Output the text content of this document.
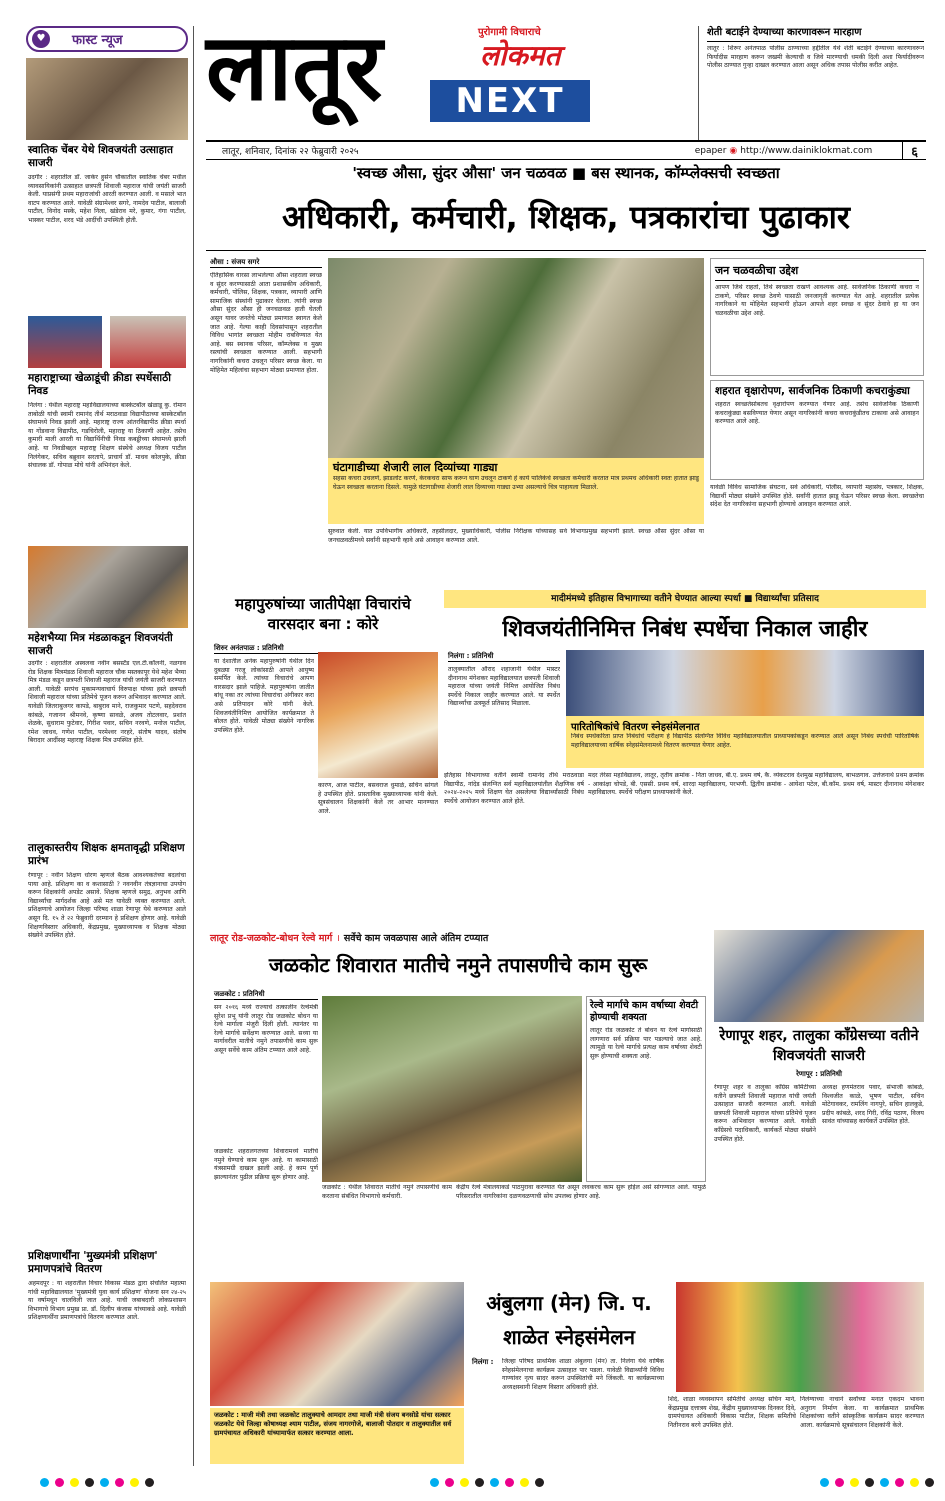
♥	फास्ट न्यूज
स्वातिक चेंबर येथे शिवजयंती उत्साहात साजरी
उदगीर : शहरातील डॉ. जाकेर हुसेन चौकातील स्वातिक चेंबर मधील व्यावसायिकांनी उत्साहात छत्रपती शिवाजी महाराज यांची जयंती साजरी केली. याप्रसंगी प्रथम महाराजांची आरती करण्यात आली. व मसाले भात वाटप करण्यात आले. यावेळी संग्रामेश्वर सगरे, नामदेव पाटील, बालाजी पाटील, विनोद मस्के, महेश निला, खंडेराव मरे, कुमार, गंगा पाटील, भास्कर पाटील, शरद भंडे आदींची उपस्थिती होती.
महाराष्ट्राच्या खेळाडूंची क्रीडा स्पर्धेसाठी निवड
निलंगा : येथील महाराष्ट्र महाविद्यालयाच्या बास्केटबॉल खेळाडू कु. रोमान ताबोळी यांची स्वामी रामानंद तीर्थ मराठवाडा विद्यापीठाच्या बास्केटबॉल संघामध्ये निवड झाली आहे. महाराष्ट्र राज्य आंतरविद्यापीठ क्रीडा स्पर्धा या गोंडवाना विद्यापीठ, गडचिरोली, महाराष्ट्र या ठिकाणी आहेत. तसेच कुमारी माली आरती या विद्यार्थिनीची निवड कबड्डीच्या संघामध्ये झाली आहे. या निवडीबद्दल महाराष्ट्र शिक्षण संस्थेचे अध्यक्ष विजय पाटील निलंगेकर, सचिव बब्रुवान सरतापे, प्राचार्य डॉ. माधव कोलपुके, क्रीडा संचालक डॉ. गोपाळ मोघे यांनी अभिनंदन केले.
महेशभैय्या मित्र मंडळाकडून शिवजयंती साजरी
उदगीर : शहरातील अस्वलवा नवीन बसस्टँड एल.टी.कॉलनी, नळगाव रोड शिक्षक मित्रमंडळ शिवाजी महाराज चौक मस्तकापूर येथे महेश भैय्या मित्र मंडळ कडून छत्रपती शिवाजी महाराज यांची जयंती साजरी करण्यात आली. यावेळी सरपंच मुकामन्यवाचार्य विरुपाक्ष यांच्या हस्ते छत्रपती शिवाजी महाराज यांच्या प्रतिमेचे पूजन करून अभिवादन करण्यात आले. यावेळी जितराबुजगर कापडे, बाबुराव माने, राजकुमार पटणे, सहदेवराव कांबळे, गजानन श्रीमनवे, कृष्णा सावळे, अजय तोटलवार, प्रशांत शेळके, सुधाराम फुटेवार, गिरीश पवार, सचिन नरवणे, मनोज पाटील, रमेश जाधव, गणेश पाटील, परमेश्वर नरहरे, संतोष यादव, संतोष बिरादार आदींसह महाराष्ट्र शिक्षक मित्र उपस्थित होते.
तालुकास्तरीय शिक्षक क्षमतावृद्धी प्रशिक्षण प्रारंभ
रेणापूर : नवीन शिक्षण धोरण म्हणजे बैठक आवश्यकतेच्या बदलांचा पाया आहे. प्रशिक्षण का व कशासाठी ? नवनवीन तंत्रज्ञानाचा उपयोग करून शिक्षकांनी अपडेट असावे. शिक्षक म्हणजे समुद्र, अनुभव आणि विद्यार्थ्यांचा मार्गदर्शक आहे असे मत यावेळी व्यक्त करण्यात आले. प्रशिक्षणाचे आयोजन जिल्हा परिषद शाळा रेणापूर येथे करण्यात आले असून दि. १५ ते २२ फेब्रुवारी दरम्यान हे प्रशिक्षण होणार आहे. यावेळी शिक्षणविस्तार अधिकारी, केंद्रप्रमुख, मुख्याध्यापक व शिक्षक मोठ्या संख्येने उपस्थित होते.
प्रशिक्षणार्थींना 'मुख्यमंत्री प्रशिक्षण' प्रमाणपत्रांचे वितरण
अहमदपूर : या शहरातील विचार विकास मंडळ द्वारा संचलित महात्मा गांधी महाविद्यालयात 'मुख्यमंत्री युवा कार्य प्रशिक्षण' योजना सन २४-२५ या वर्षामधून चालविली जात आहे. याची जबाबदारी लोकप्रशासन विभागाचे विभाग प्रमुख प्रा. डॉ. दिलीप कंजास यांच्याकडे आहे. यावेळी प्रशिक्षणार्थींना प्रमाणपत्रांचे वितरण करण्यात आले.
लातूर	NEXT
पुरोगामी विचाराचे
लोकमत
शेती बटाईने देण्याच्या कारणावरून मारहाण
लातूर : शिरूर अनंतपाळ पोलीस ठाण्याच्या हद्दीतील येथे शेती बटाईने देण्याच्या कारणावरून फिर्यादीस मारहाण करून जखमी केल्याची व जिवे मारण्याची धमकी दिली अशा फिर्यादीवरून पोलीस ठाण्यात गुन्हा दाखल करण्यात आला असून अधिक तपास पोलीस करीत आहेत.
लातूर, शनिवार, दिनांक २२ फेब्रुवारी २०२५	epaper ◉ http://www.dainiklokmat.com	६
'स्वच्छ औसा, सुंदर औसा' जन चळवळ ■ बस स्थानक, कॉम्प्लेक्सची स्वच्छता
अधिकारी, कर्मचारी, शिक्षक, पत्रकारांचा पुढाकार
औसा : संजय सगरे
ऐतिहासिक वारसा लाभलेल्या औसा शहराला स्वच्छ व सुंदर करण्यासाठी आता प्रशासकीय अधिकारी, कर्मचारी, पोलिस, शिक्षक, पत्रकार, व्यापारी आणि सामाजिक संस्थांनी पुढाकार घेतला. त्यांनी स्वच्छ औसा सुंदर औसा ही जनचळवळ हाती घेतली असून यावर जनतेचे मोठ्या प्रमाणात स्वागत केले जात आहे. गेल्या काही दिवसांपासून शहरातील विविध भागांत स्वच्छता मोहीम राबविण्यात येत आहे. बस स्थानक परिसर, कॉम्प्लेक्स व मुख्य रस्त्यांची स्वच्छता करण्यात आली. सहभागी नागरिकांनी कचरा उचलून परिसर स्वच्छ केला. या मोहिमेत महिलांचा सहभाग मोठ्या प्रमाणात होता.
घंटागाडीच्या शेजारी लाल दिव्यांच्या गाड्या
सहसा कचरा उचलणे, झाडलोट करणे, केरकचरा साफ करून घाण उचलून टाकणे हे कार्य पालिकेचे स्वच्छता कर्मचारी करतात मात्र प्रथमच अधिकारी स्वतः हातात झाडू घेऊन स्वच्छता करताना दिसले. यामुळे घंटागाडीच्या शेजारी लाल दिव्याच्या गाड्या उभ्या असल्याचे चित्र पाहायला मिळाले.
जन चळवळीचा उद्देश
आपण जिथे राहतो, तिथे स्वच्छता राखणे आवश्यक आहे. सार्वजनिक ठिकाणी कचरा न टाकणे, परिसर स्वच्छ ठेवणे यासाठी जनजागृती करण्यात येत आहे. शहरातील प्रत्येक नागरिकाने या मोहिमेत सहभागी होऊन आपले शहर स्वच्छ व सुंदर ठेवावे हा या जन चळवळीचा उद्देश आहे.
शहरात वृक्षारोपण, सार्वजनिक ठिकाणी कचराकुंड्या
शहरात स्वच्छतेसोबतच वृक्षारोपण करण्यात येणार आहे. तसेच सार्वजनिक ठिकाणी कचराकुंड्या बसविण्यात येणार असून नागरिकांनी कचरा कचराकुंडीतच टाकावा असे आवाहन करण्यात आले आहे.
यावेळी विविध सामाजिक संघटना, सर्व अधिकारी, पोलीस, व्यापारी महासंघ, पत्रकार, शिक्षक, विद्यार्थी मोठ्या संख्येने उपस्थित होते. सर्वांनी हातात झाडू घेऊन परिसर स्वच्छ केला. स्वच्छतेचा संदेश देत नागरिकांना सहभागी होण्याचे आवाहन करण्यात आले.
सुरुवात केली. यात उपविभागीय अधिकारी, तहसीलदार, मुख्याधिकारी, पोलीस निरीक्षक यांच्यासह सर्व विभागप्रमुख सहभागी झाले. स्वच्छ औसा सुंदर औसा या जनचळवळीमध्ये सर्वांनी सहभागी व्हावे असे आवाहन करण्यात आले.
महापुरुषांच्या जातीपेक्षा विचारांचे वारसदार बना : कोरे
शिरुर अनंतपाळ : प्रतिनिधी
या देशातील अनेक महापुरुषांनी येथील दिन दुबळ्या गरजू लोकांसाठी आपले आयुष्य समर्पित केले. त्यांच्या विचारांचे आपण वारसदार झाले पाहिजे. महापुरुषांना जातीत बांधू नका तर त्यांच्या विचारांचा अंगीकार करा असे प्रतिपादन कोरे यांनी केले. शिवजयंतीनिमित्त आयोजित कार्यक्रमात ते बोलत होते. यावेळी मोठ्या संख्येने नागरिक उपस्थित होते.
कारण, आज पाटील, बसवराज धुमाळे, सचिन सांगले हे उपस्थित होते. प्रास्ताविक मुख्याध्यापक यांनी केले. सूत्रसंचालन शिक्षकांनी केले तर आभार मानण्यात आले.
मादीमंमध्ये इतिहास विभागाच्या वतीने घेण्यात आल्या स्पर्धा ■ विद्यार्थ्यांचा प्रतिसाद
शिवजयंतीनिमित्त निबंध स्पर्धेचा निकाल जाहीर
निलंगा : प्रतिनिधी
तालुक्यातील औराद शहाजानी येथील मास्टर दीनानाथ मंगेशकर महाविद्यालयात छत्रपती शिवाजी महाराज यांच्या जयंती निमित्त आयोजित निबंध स्पर्धेचे निकाल जाहीर करण्यात आले. या स्पर्धेत विद्यार्थ्यांचा उत्स्फूर्त प्रतिसाद मिळाला.
पारितोषिकांचे वितरण स्नेहसंमेलनात
निबंध स्पर्धेकरिता प्राप्त निबंधांचे परीक्षण हे विद्यापीठ संलग्नित विविध महाविद्यालयातील प्राध्यापकांकडून करण्यात आले असून निबंध स्पर्धेची पारितोषिके महाविद्यालयाच्या वार्षिक स्नेहसंमेलनामध्ये वितरण करण्यात येणार आहेत.
इतिहास विभागाच्या वतीने स्वामी रामानंद तीर्थ मराठवाडा विद्यापीठ, नांदेड संलग्नित सर्व महाविद्यालयांतील शैक्षणिक वर्ष २०२४-२०२५ मध्ये शिक्षण घेत असलेल्या विद्यार्थ्यांसाठी निबंध स्पर्धेचे आयोजन करण्यात आले होते.
मदर तेरेसा महाविद्यालय, लातूर, तृतीय क्रमांक - निता जाधव, बी.ए. प्रथम वर्ष, कै. व्यंकटराव देशमुख महाविद्यालय, बाभळगाव. उत्तेजनार्थ प्रथम क्रमांक - आकांक्षा चोपडे, बी. एससी. प्रथम वर्ष, शारदा महाविद्यालय, परभणी. द्वितीय क्रमांक - आयेशा पटेल, बी.कॉम. प्रथम वर्ष, मास्टर दीनानाथ मंगेशकर महाविद्यालय. स्पर्धेचे परीक्षण प्राध्यापकांनी केले.
लातूर रोड-जळकोट-बोधन रेल्वे मार्ग । सर्वेचे काम जवळपास आले अंतिम टप्प्यात
जळकोट शिवारात मातीचे नमुने तपासणीचे काम सुरू
जळकोट : प्रतिनिधी
सन २०१६ मध्ये राज्याचे तत्कालीन रेल्वेमंत्री सुरेश प्रभू यांनी लातूर रोड जळकोट बोधन या रेल्वे मार्गाला मंजुरी दिली होती. त्यानंतर या रेल्वे मार्गाचे सर्वेक्षण करण्यात आले. सध्या या मार्गावरील मातीचे नमुने तपासणीचे काम सुरू असून सर्वेचे काम अंतिम टप्प्यात आले आहे.
जळकोट : येथील शिवारात मातीचे नमुने तपासणीचे काम करताना संबंधित विभागाचे कर्मचारी.
जळकोट शहरालगतच्या शिवारामध्ये मातीचे नमुने घेण्याचे काम सुरू आहे. या कामासाठी यंत्रसामग्री दाखल झाली आहे. हे काम पूर्ण झाल्यानंतर पुढील प्रक्रिया सुरू होणार आहे.
रेल्वे मार्गाचे काम वर्षाच्या शेवटी होण्याची शक्यता
लातूर रोड जळकोट ते बोधन या रेल्वे मार्गासाठी लागणारा सर्व प्रक्रिया पार पडल्याचे जात आहे. त्यामुळे या रेल्वे मार्गाचे प्रत्यक्ष काम वर्षाच्या शेवटी सुरू होण्याची शक्यता आहे.
केंद्रीय रेल्वे मंत्रालयाकडे पाठपुरावा करण्यात येत असून लवकरच काम सुरू होईल असे सांगण्यात आले. यामुळे परिसरातील नागरिकांना दळणवळणाची सोय उपलब्ध होणार आहे.
रेणापूर शहर, तालुका काँग्रेसच्या वतीने शिवजयंती साजरी
रेणापूर : प्रतिनिधी
रेणापूर शहर व तालुका काँग्रेस कमिटीच्या वतीने छत्रपती शिवाजी महाराज यांची जयंती उत्साहात साजरी करण्यात आली. यावेळी छत्रपती शिवाजी महाराज यांच्या प्रतिमेचे पूजन करून अभिवादन करण्यात आले. यावेळी काँग्रेसचे पदाधिकारी, कार्यकर्ते मोठ्या संख्येने उपस्थित होते.
अध्यक्ष हणमंतराव पवार, संभाजी कांबळे, विश्वजीत काळे, भूषण पाटील, सचिन मोटेगावकर, रामलिंग नागपुरे, सचिन हालकुडे, प्रदीप कांबळे, शरद गिरी, रविंद्र पठाण, विजय सावंत यांच्यासह कार्यकर्ते उपस्थित होते.
जळकोट : माजी मंत्री तथा जळकोट तालुक्याचे आमदार तथा माजी मंत्री संजय बनसोडे यांचा सत्कार जळकोट येथे जिल्हा कोषाध्यक्ष श्याम पाटील, संजय नागरगोजे, बालाजी पोतदार व तालुक्यातील सर्व ग्रामपंचायत अधिकारी यांच्यामार्फत सत्कार करण्यात आला.
अंबुलगा (मेन) जि. प. शाळेत स्नेहसंमेलन
निलंगा :	जिल्हा परिषद प्राथमिक शाळा अंबुलगा (मेन) ता. निलंगा येथे वार्षिक स्नेहसंमेलनाचा कार्यक्रम उत्साहात पार पडला. यावेळी विद्यार्थ्यांनी विविध गाण्यांवर नृत्य सादर करून उपस्थितांची मने जिंकली. या कार्यक्रमाच्या अध्यक्षस्थानी शिक्षण विस्तार अधिकारी होते.
शिंदे, शाळा व्यवस्थापन समितीचे अध्यक्ष सचिन माने, केंद्रप्रमुख दत्तात्रय शेख, केंद्रीय मुख्याध्यापक दिनकर दिवे, ग्रामपंचायत अधिकारी विकास पाटील, शिक्षक समितीचे नितीनराव बरगे उपस्थित होते.
निलंग्याच्या नाचाने सर्वांच्या मनात एकदम भावना अनुराग निर्माण केला. या कार्यक्रमात प्राथमिक शिक्षकांच्या वतीने सांस्कृतिक कार्यक्रम सादर करण्यात आला. कार्यक्रमाचे सूत्रसंचालन शिक्षकांनी केले.
